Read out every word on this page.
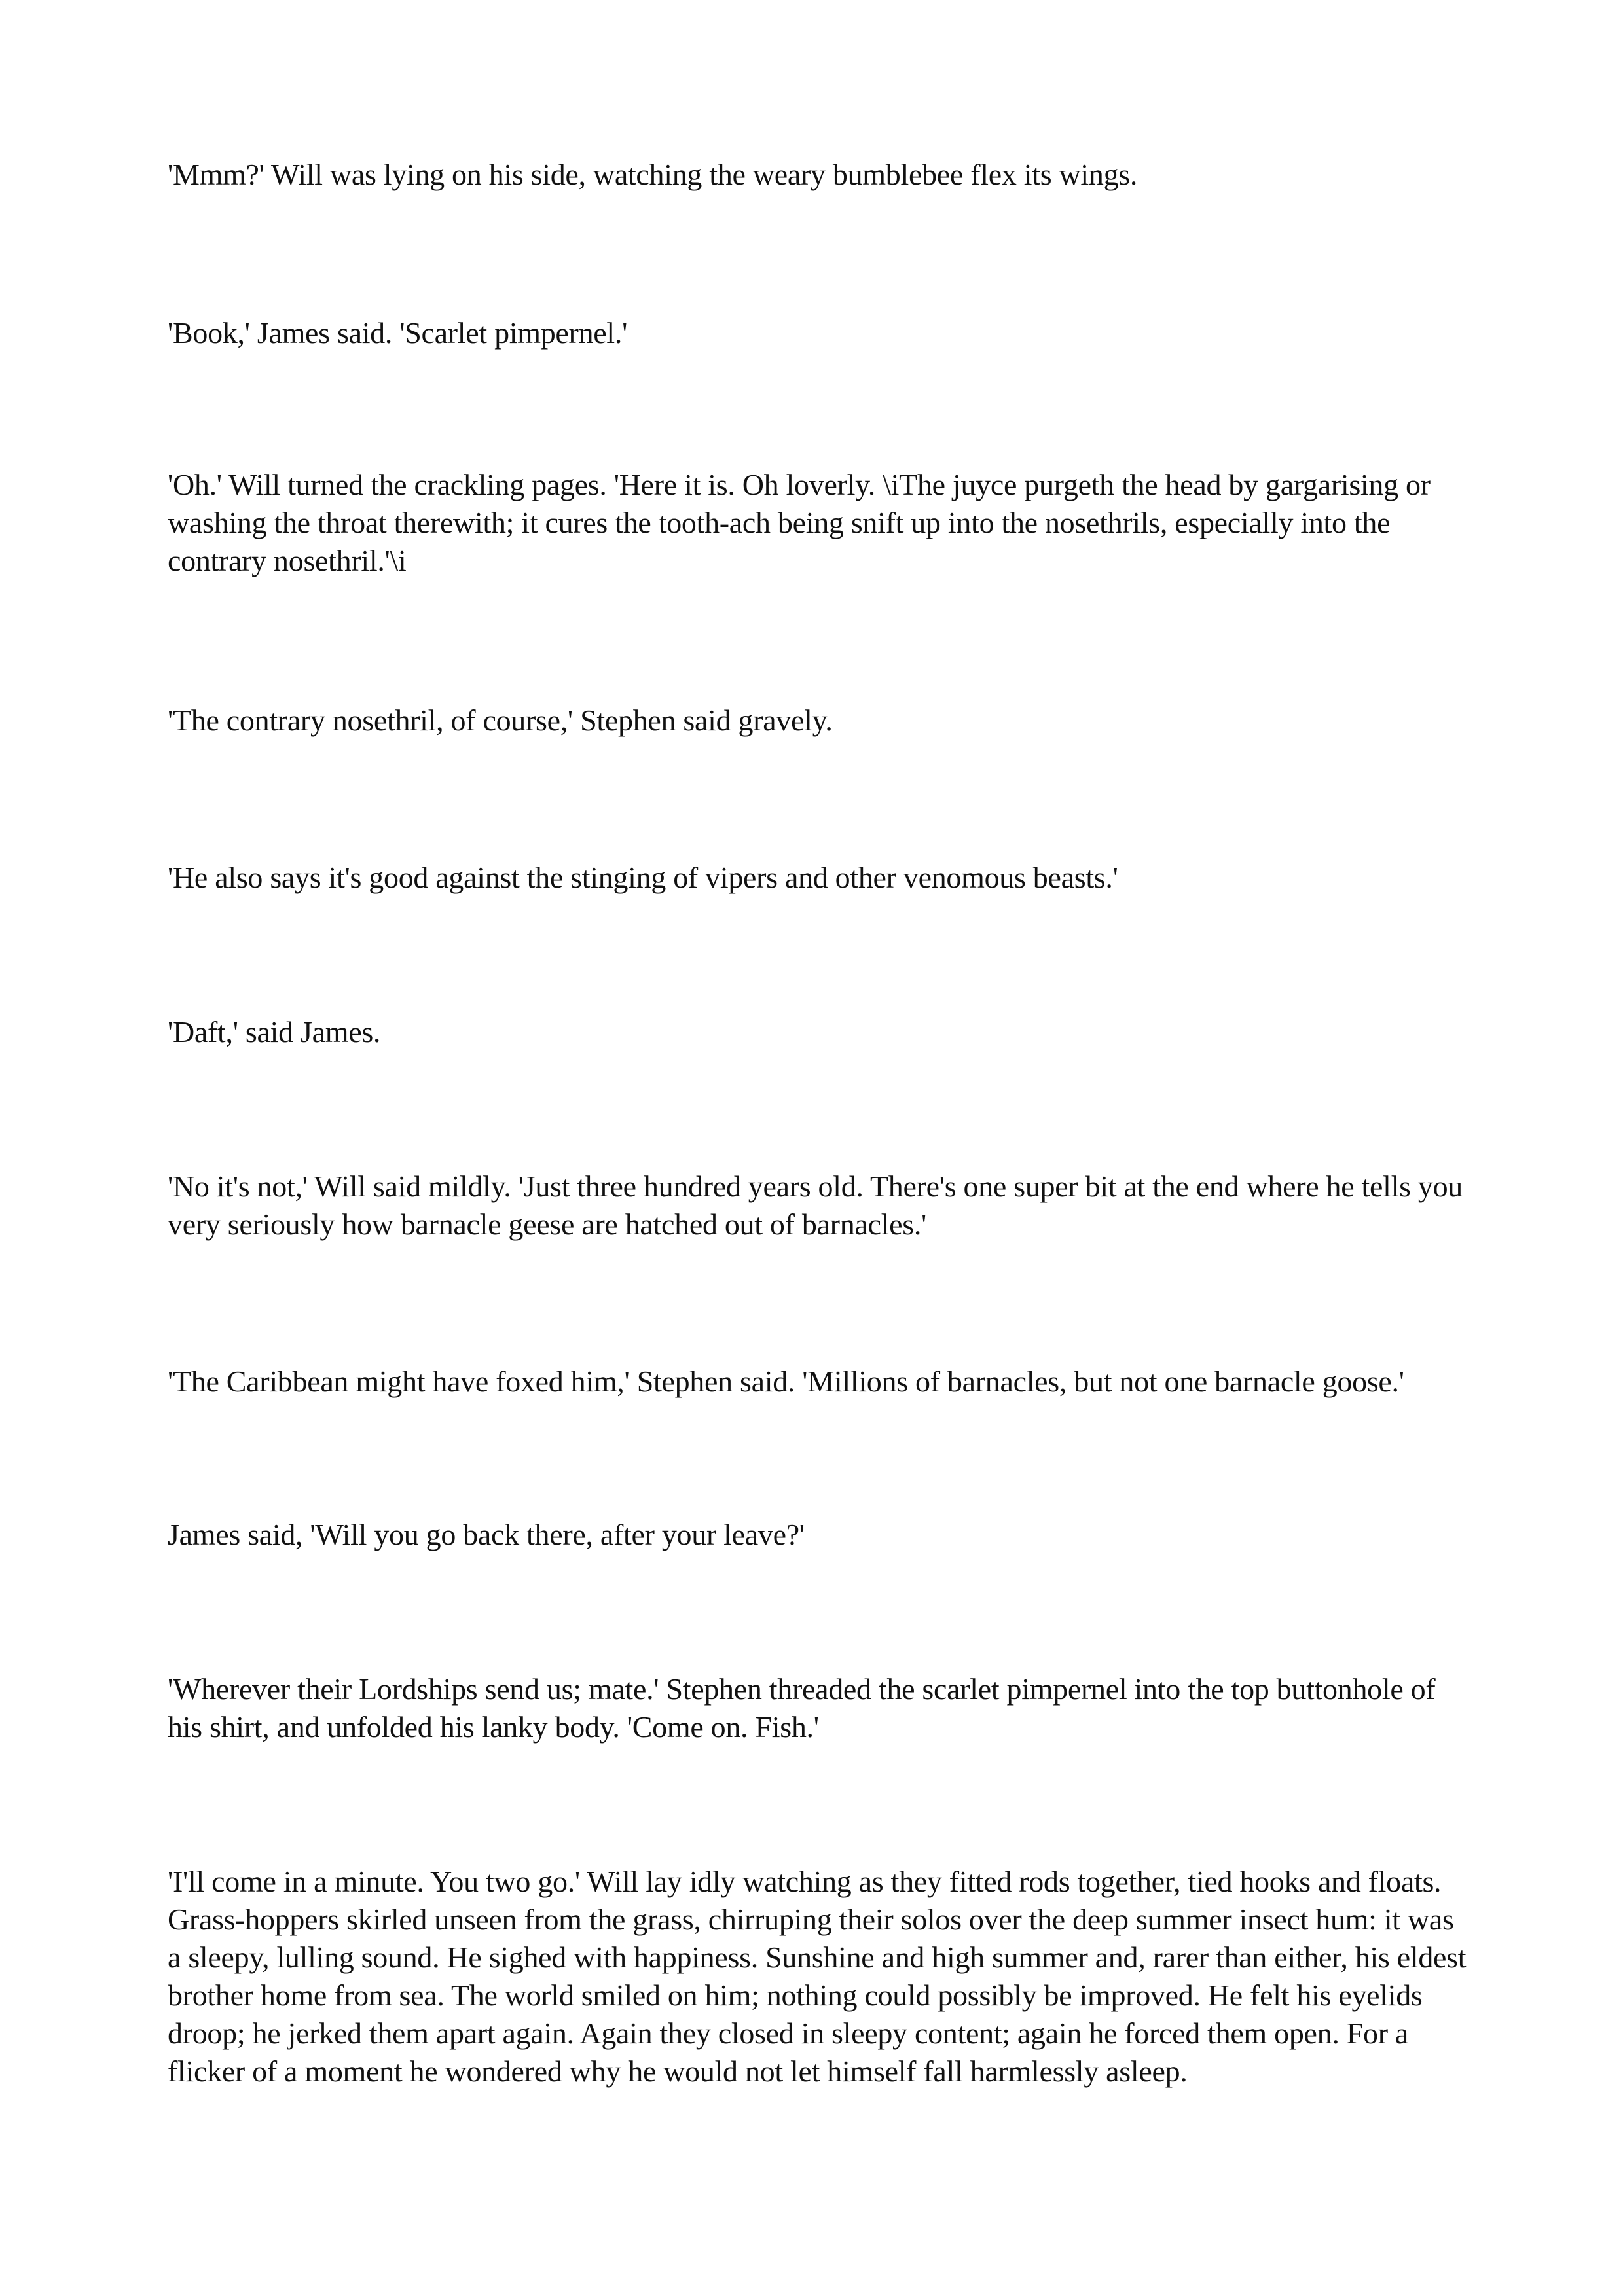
'Mmm?' Will was lying on his side, watching the weary bumblebee flex its wings.

'Book,' James said. 'Scarlet pimpernel.'

'Oh.' Will turned the crackling pages. 'Here it is. Oh loverly. \iThe juyce purgeth the head by gargarising or washing the throat therewith; it cures the tooth-ach being snift up into the nosethrils, especially into the contrary nosethril.'\i

'The contrary nosethril, of course,' Stephen said gravely.

'He also says it's good against the stinging of vipers and other venomous beasts.'

'Daft,' said James.

'No it's not,' Will said mildly. 'Just three hundred years old. There's one super bit at the end where he tells you very seriously how barnacle geese are hatched out of barnacles.'

'The Caribbean might have foxed him,' Stephen said. 'Millions of barnacles, but not one barnacle goose.'

James said, 'Will you go back there, after your leave?'

'Wherever their Lordships send us; mate.' Stephen threaded the scarlet pimpernel into the top buttonhole of his shirt, and unfolded his lanky body. 'Come on. Fish.'

'I'll come in a minute. You two go.' Will lay idly watching as they fitted rods together, tied hooks and floats. Grass-hoppers skirled unseen from the grass, chirruping their solos over the deep summer insect hum: it was a sleepy, lulling sound. He sighed with happiness. Sunshine and high summer and, rarer than either, his eldest brother home from sea. The world smiled on him; nothing could possibly be improved. He felt his eyelids droop; he jerked them apart again. Again they closed in sleepy content; again he forced them open. For a flicker of a moment he wondered why he would not let himself fall harmlessly asleep.
